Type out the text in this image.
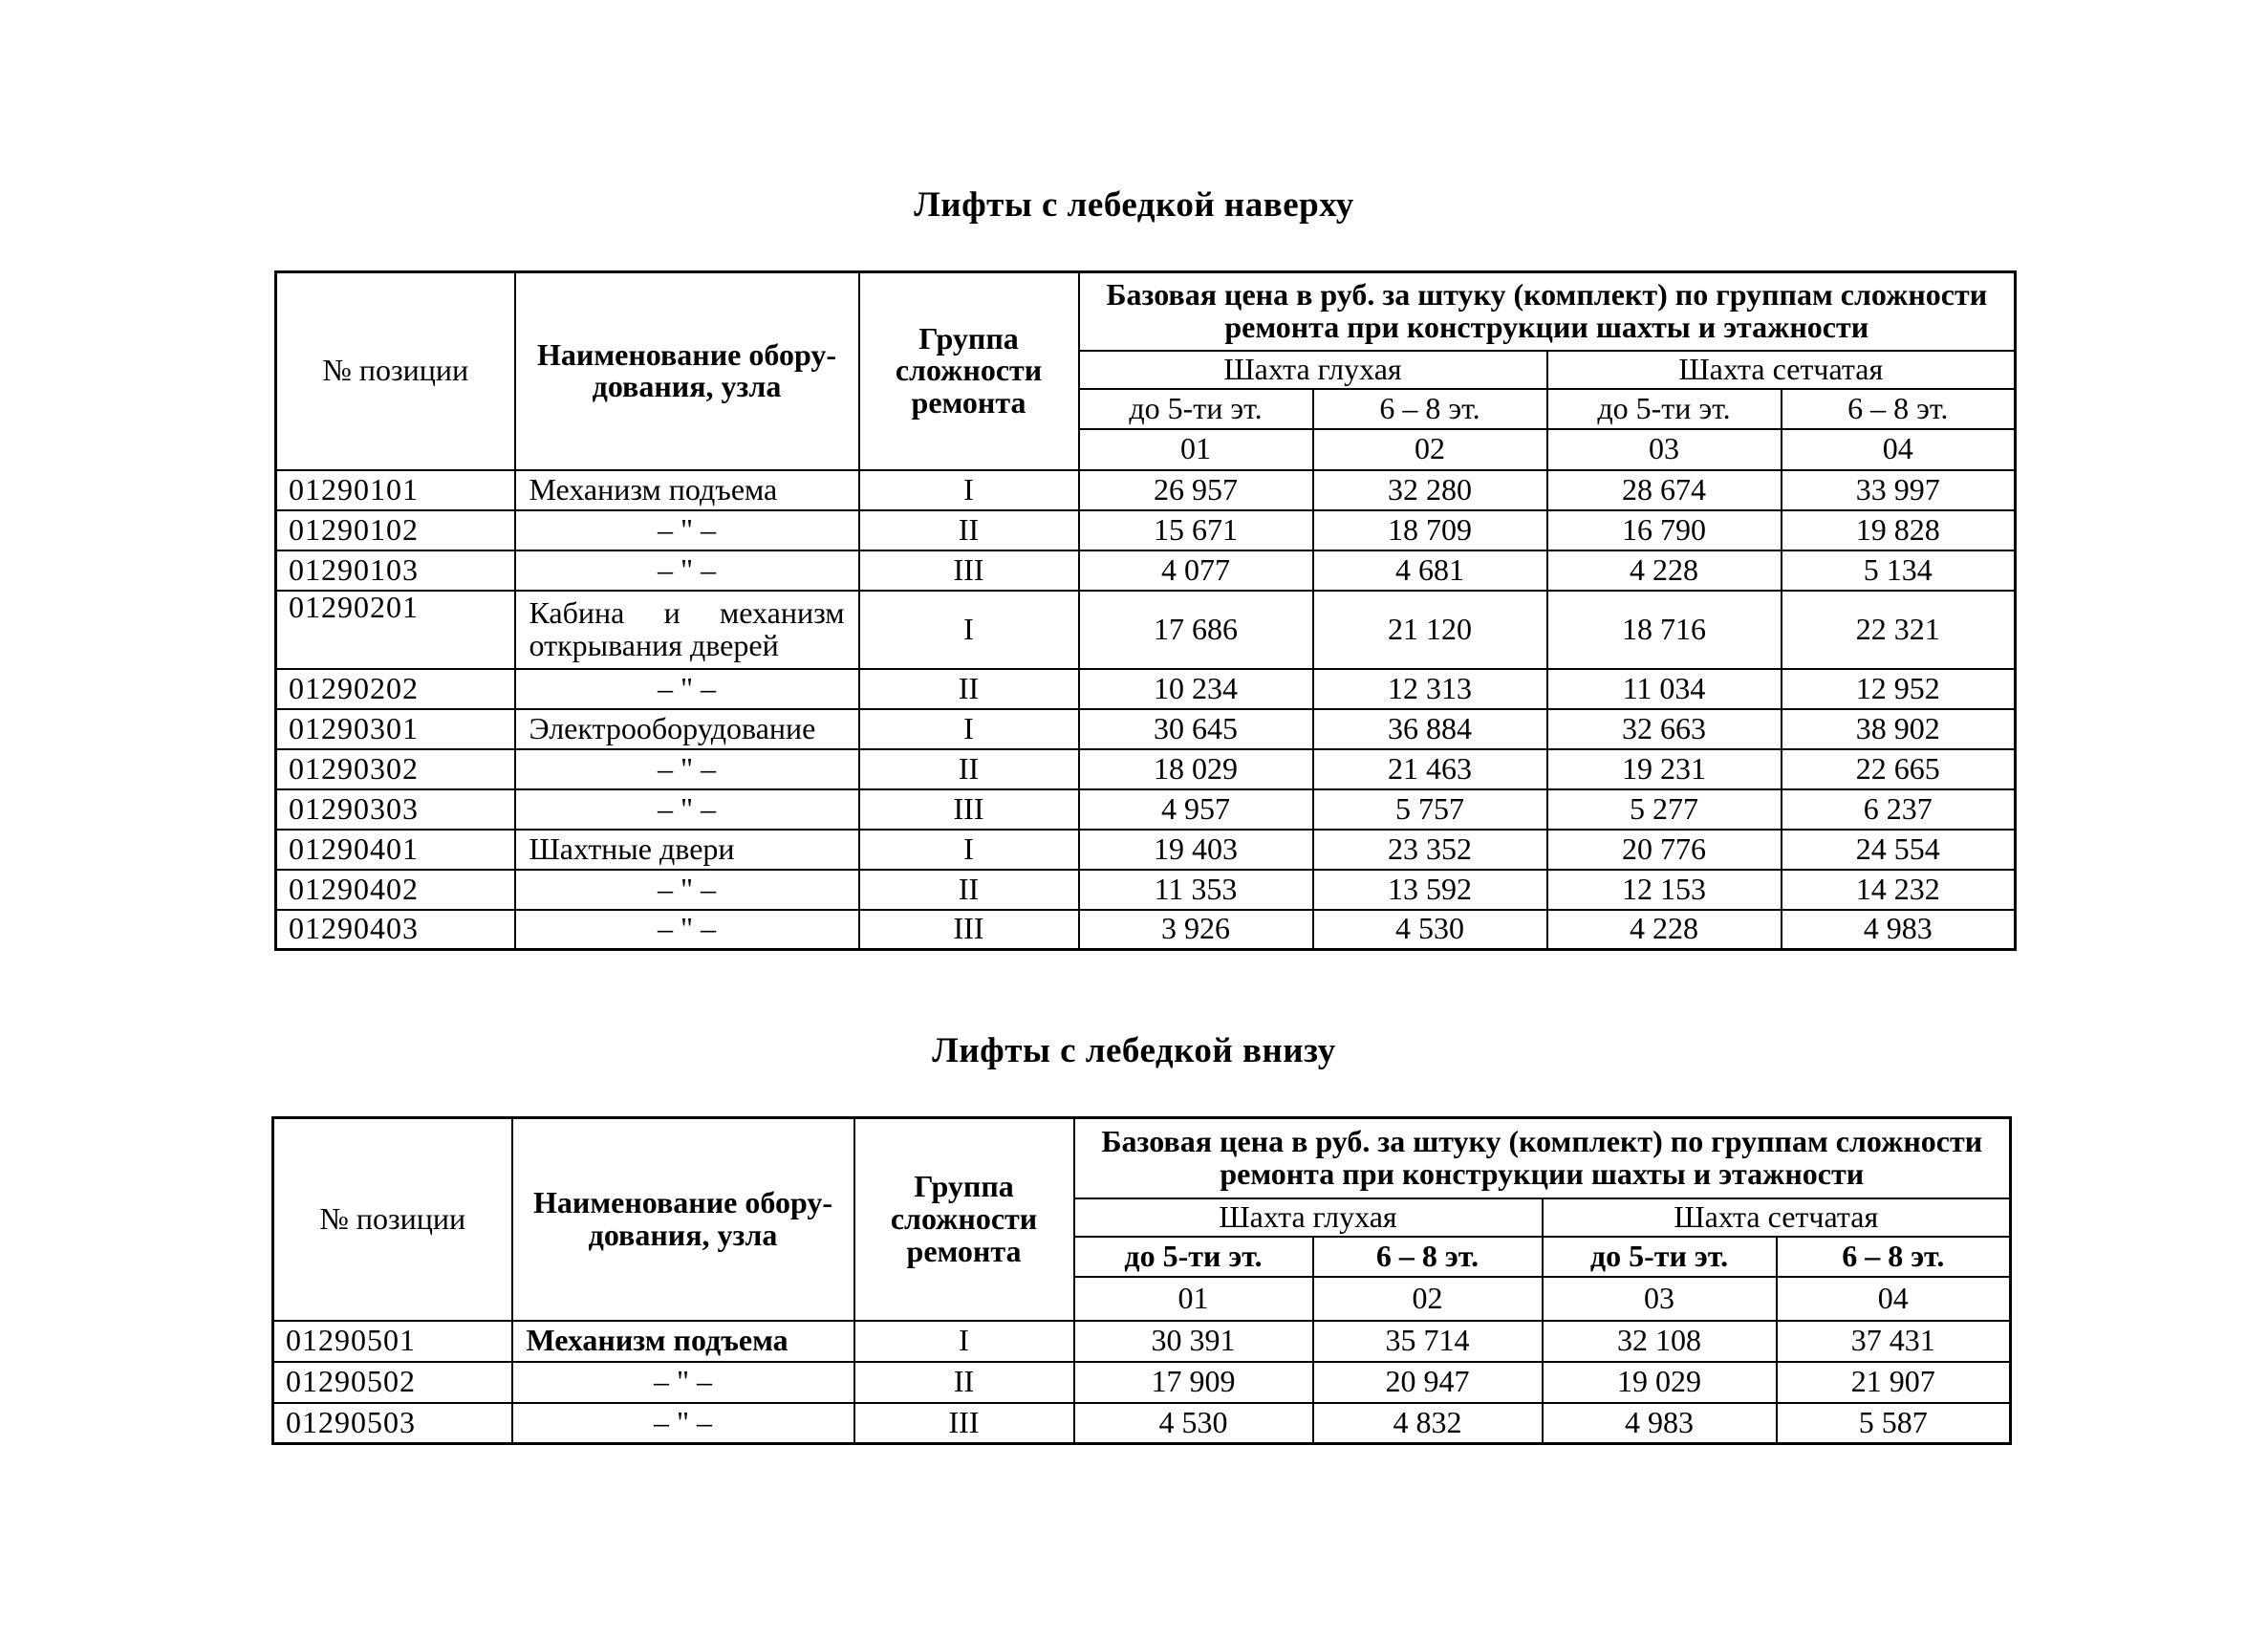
Лифты с лебедкой наверху
№ позиции	Наименование обору-дования, узла	Группа сложности ремонта	Базовая цена в руб. за штуку (комплект) по группам сложности ремонта при конструкции шахты и этажности			
			Шахта глухая		Шахта сетчатая	
			до 5-ти эт.	6 – 8 эт.	до 5-ти эт.	6 – 8 эт.
			01	02	03	04
01290101	Механизм подъема	I	26 957	32 280	28 674	33 997
01290102	– " –	II	15 671	18 709	16 790	19 828
01290103	– " –	III	4 077	4 681	4 228	5 134
01290201	Кабина и механизм открывания дверей	I	17 686	21 120	18 716	22 321
01290202	– " –	II	10 234	12 313	11 034	12 952
01290301	Электрооборудование	I	30 645	36 884	32 663	38 902
01290302	– " –	II	18 029	21 463	19 231	22 665
01290303	– " –	III	4 957	5 757	5 277	6 237
01290401	Шахтные двери	I	19 403	23 352	20 776	24 554
01290402	– " –	II	11 353	13 592	12 153	14 232
01290403	– " –	III	3 926	4 530	4 228	4 983
Лифты с лебедкой внизу
№ позиции	Наименование обору-дования, узла	Группа сложности ремонта	Базовая цена в руб. за штуку (комплект) по группам сложности ремонта при конструкции шахты и этажности			
			Шахта глухая		Шахта сетчатая	
			до 5-ти эт.	6 – 8 эт.	до 5-ти эт.	6 – 8 эт.
			01	02	03	04
01290501	Механизм подъема	I	30 391	35 714	32 108	37 431
01290502	– " –	II	17 909	20 947	19 029	21 907
01290503	– " –	III	4 530	4 832	4 983	5 587
